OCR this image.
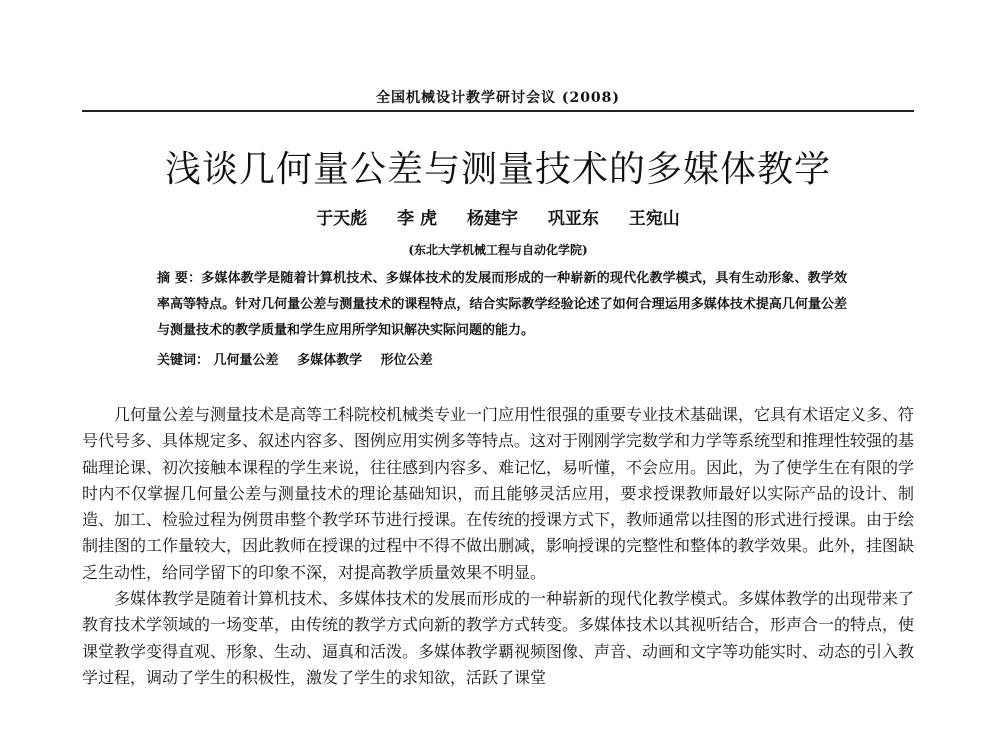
全国机械设计教学研讨会议 (2008)
浅谈几何量公差与测量技术的多媒体教学
于天彪 李 虎 杨建宇 巩亚东 王宛山
(东北大学机械工程与自动化学院)
摘 要：多媒体教学是随着计算机技术、多媒体技术的发展而形成的一种崭新的现代化教学模式，具有生动形象、教学效率高等特点。针对几何量公差与测量技术的课程特点，结合实际教学经验论述了如何合理运用多媒体技术提高几何量公差与测量技术的教学质量和学生应用所学知识解决实际问题的能力。
关键词： 几何量公差 多媒体教学 形位公差

几何量公差与测量技术是高等工科院校机械类专业一门应用性很强的重要专业技术基础课，它具有术语定义多、符号代号多、具体规定多、叙述内容多、图例应用实例多等特点。这对于刚刚学完数学和力学等系统型和推理性较强的基础理论课、初次接触本课程的学生来说，往往感到内容多、难记忆，易听懂，不会应用。因此，为了使学生在有限的学时内不仅掌握几何量公差与测量技术的理论基础知识，而且能够灵活应用，要求授课教师最好以实际产品的设计、制造、加工、检验过程为例贯串整个教学环节进行授课。在传统的授课方式下，教师通常以挂图的形式进行授课。由于绘制挂图的工作量较大，因此教师在授课的过程中不得不做出删减，影响授课的完整性和整体的教学效果。此外，挂图缺乏生动性，给同学留下的印象不深，对提高教学质量效果不明显。

多媒体教学是随着计算机技术、多媒体技术的发展而形成的一种崭新的现代化教学模式。多媒体教学的出现带来了教育技术学领域的一场变革，由传统的教学方式向新的教学方式转变。多媒体技术以其视听结合，形声合一的特点，使课堂教学变得直观、形象、生动、逼真和活泼。多媒体教学覇视频图像、声音、动画和文字等功能实时、动态的引入教学过程，调动了学生的积极性，激发了学生的求知欲，活跃了课堂
